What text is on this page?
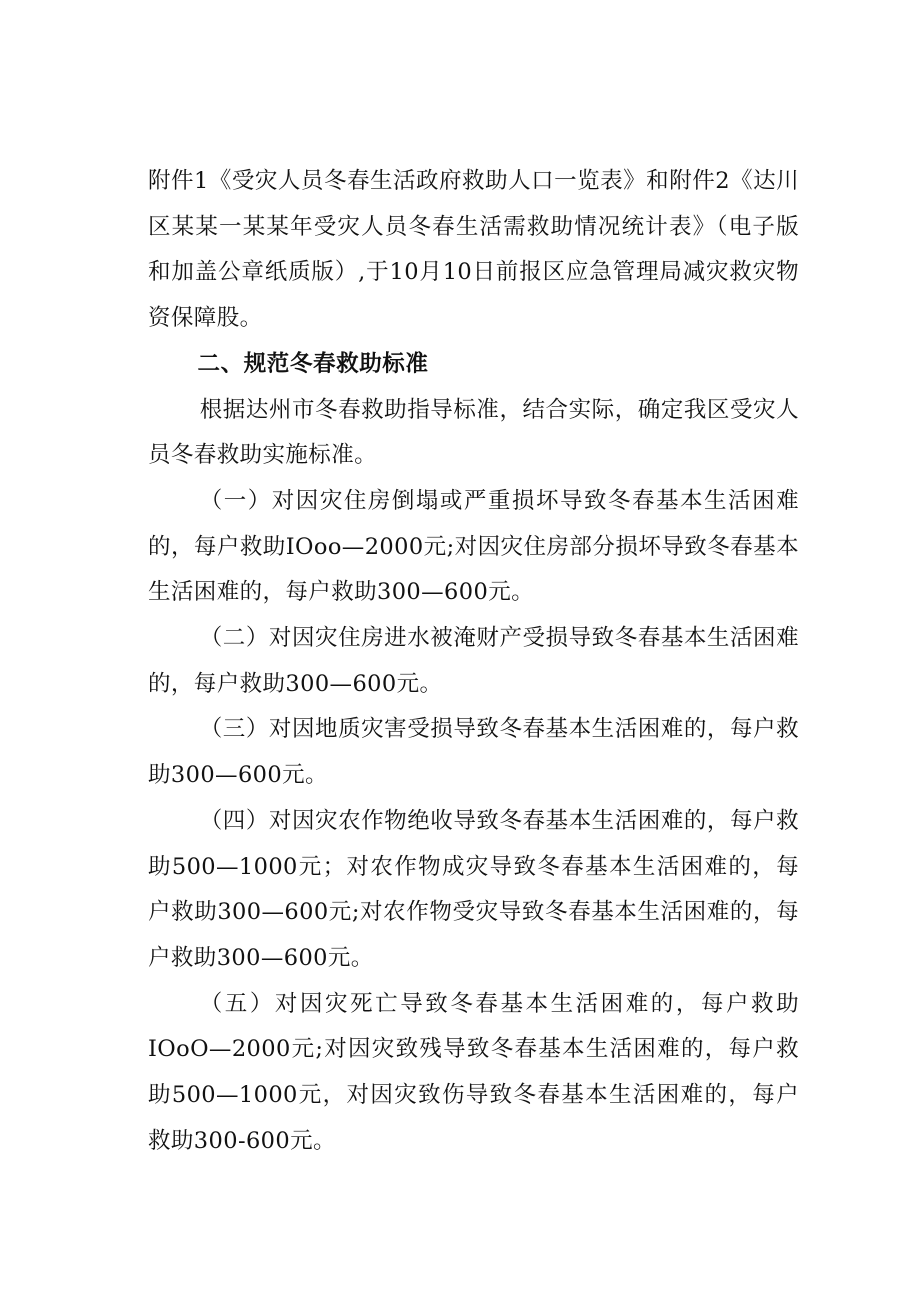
附件1《受灾人员冬春生活政府救助人口一览表》和附件2《达川区某某一某某年受灾人员冬春生活需救助情况统计表》（电子版和加盖公章纸质版）,于10月10日前报区应急管理局减灾救灾物资保障股。

二、规范冬春救助标准

根据达州市冬春救助指导标准，结合实际，确定我区受灾人员冬春救助实施标准。

（一）对因灾住房倒塌或严重损坏导致冬春基本生活困难的，每户救助IOoo—2000元;对因灾住房部分损坏导致冬春基本生活困难的，每户救助300—600元。

（二）对因灾住房进水被淹财产受损导致冬春基本生活困难的，每户救助300—600元。

（三）对因地质灾害受损导致冬春基本生活困难的，每户救助300—600元。

（四）对因灾农作物绝收导致冬春基本生活困难的，每户救助500—1000元；对农作物成灾导致冬春基本生活困难的，每户救助300—600元;对农作物受灾导致冬春基本生活困难的，每户救助300—600元。

（五）对因灾死亡导致冬春基本生活困难的，每户救助IOoO—2000元;对因灾致残导致冬春基本生活困难的，每户救助500—1000元，对因灾致伤导致冬春基本生活困难的，每户救助300-600元。
